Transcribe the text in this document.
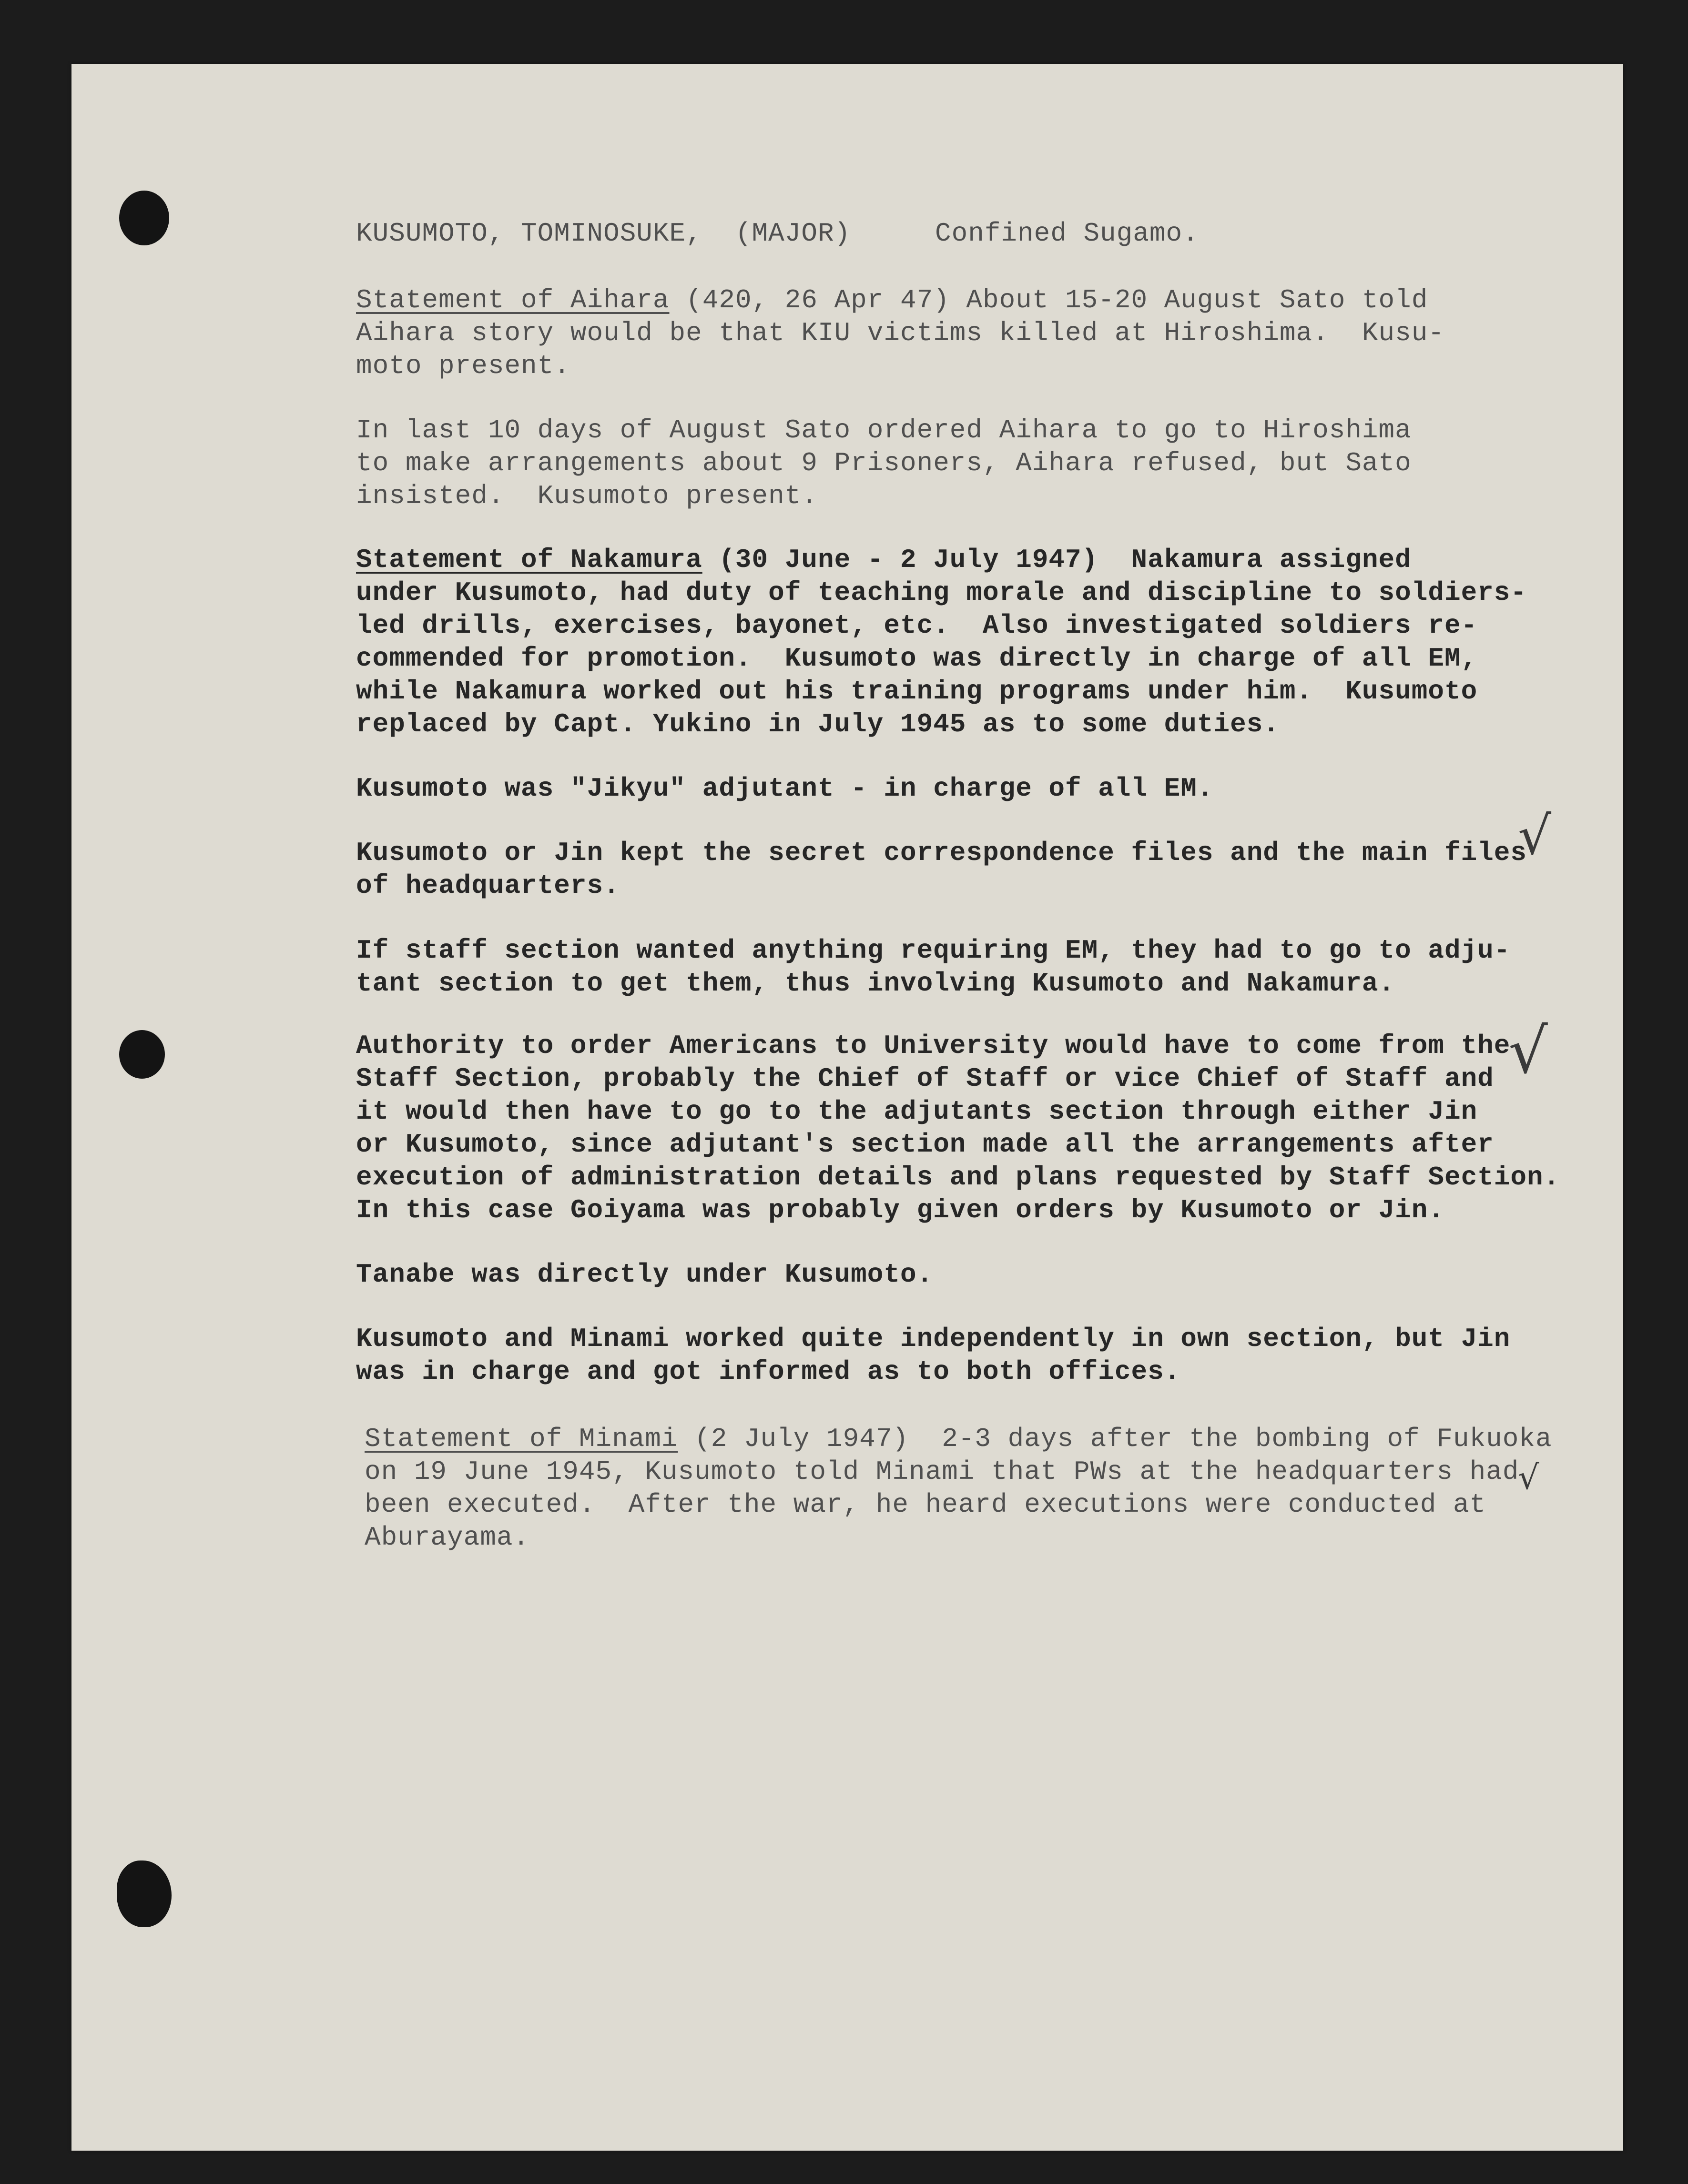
KUSUMOTO, TOMINOSUKE,  (MAJOR)	Confined Sugamo.
Statement of Aihara (420, 26 Apr 47) About 15-20 August Sato told
Aihara story would be that KIU victims killed at Hiroshima.  Kusu-
moto present.
In last 10 days of August Sato ordered Aihara to go to Hiroshima
to make arrangements about 9 Prisoners, Aihara refused, but Sato
insisted.  Kusumoto present.
Statement of Nakamura (30 June - 2 July 1947)  Nakamura assigned
under Kusumoto, had duty of teaching morale and discipline to soldiers-
led drills, exercises, bayonet, etc.  Also investigated soldiers re-
commended for promotion.  Kusumoto was directly in charge of all EM,
while Nakamura worked out his training programs under him.  Kusumoto
replaced by Capt. Yukino in July 1945 as to some duties.
Kusumoto was "Jikyu" adjutant - in charge of all EM.
Kusumoto or Jin kept the secret correspondence files and the main files
of headquarters.
If staff section wanted anything requiring EM, they had to go to adju-
tant section to get them, thus involving Kusumoto and Nakamura.
Authority to order Americans to University would have to come from the
Staff Section, probably the Chief of Staff or vice Chief of Staff and
it would then have to go to the adjutants section through either Jin
or Kusumoto, since adjutant's section made all the arrangements after
execution of administration details and plans requested by Staff Section.
In this case Goiyama was probably given orders by Kusumoto or Jin.
Tanabe was directly under Kusumoto.
Kusumoto and Minami worked quite independently in own section, but Jin
was in charge and got informed as to both offices.
Statement of Minami (2 July 1947)  2-3 days after the bombing of Fukuoka
on 19 June 1945, Kusumoto told Minami that PWs at the headquarters had
been executed.  After the war, he heard executions were conducted at
Aburayama.
√
√
√
